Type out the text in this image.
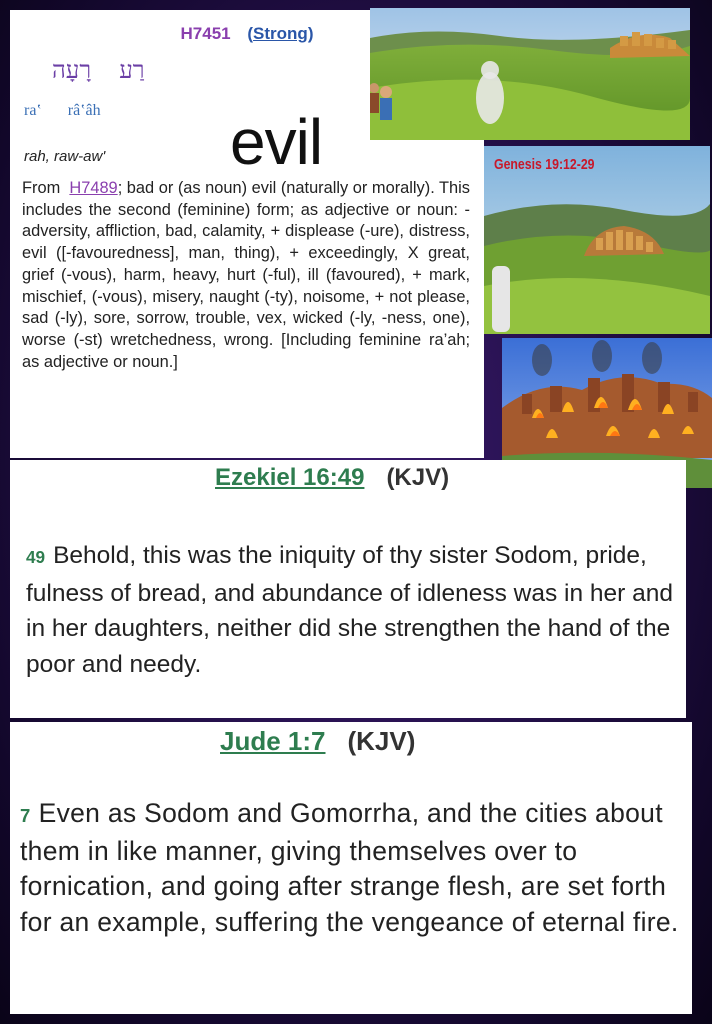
H7451 (Strong)
רַערָעָה
ra‛ râ‛âh
rah, raw-aw' evil
From H7489; bad or (as noun) evil (naturally or morally). This includes the second (feminine) form; as adjective or noun: - adversity, affliction, bad, calamity, + displease (-ure), distress, evil ([-favouredness], man, thing), + exceedingly, X great, grief (-vous), harm, heavy, hurt (-ful), ill (favoured), + mark, mischief, (-vous), misery, naught (-ty), noisome, + not please, sad (-ly), sore, sorrow, trouble, vex, wicked (-ly, -ness, one), worse (-st) wretchedness, wrong. [Including feminine ra’ah; as adjective or noun.]
Genesis 19:12-29
Ezekiel 16:49 (KJV)
49 Behold, this was the iniquity of thy sister Sodom, pride, fulness of bread, and abundance of idleness was in her and in her daughters, neither did she strengthen the hand of the poor and needy.
Jude 1:7 (KJV)
7 Even as Sodom and Gomorrha, and the cities about them in like manner, giving themselves over to fornication, and going after strange flesh, are set forth for an example, suffering the vengeance of eternal fire.
